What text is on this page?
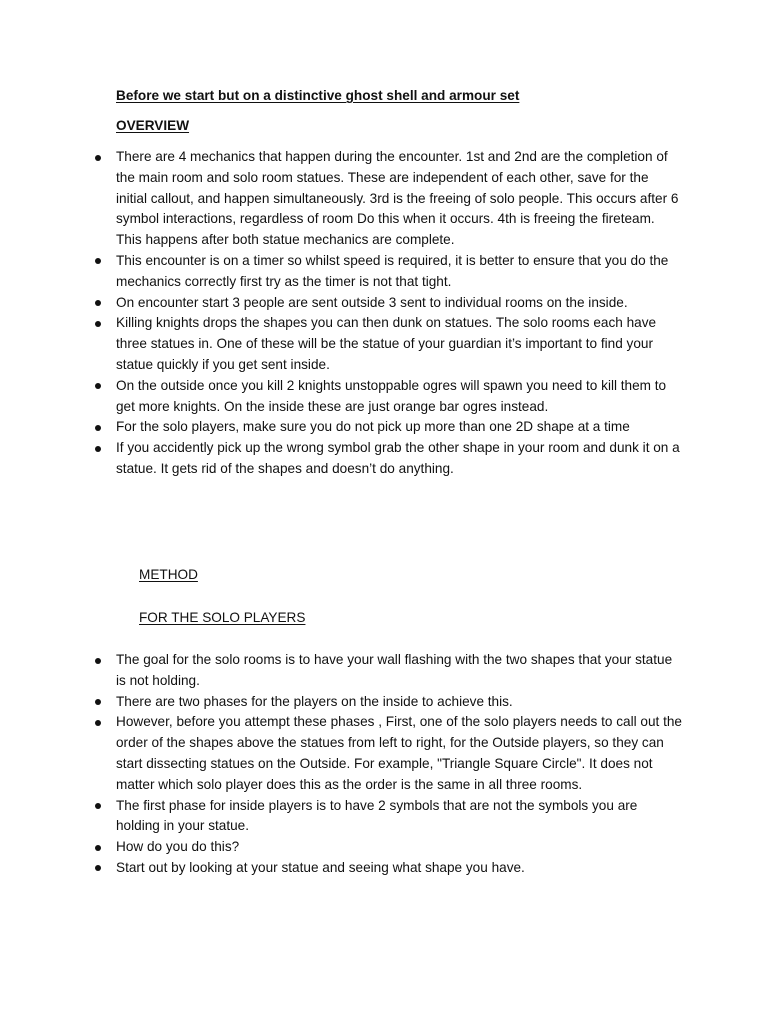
Before we start but on a distinctive ghost shell and armour set
OVERVIEW
There are 4 mechanics that happen during the encounter. 1st and 2nd are the completion of the main room and solo room statues. These are independent of each other, save for the initial callout, and happen simultaneously. 3rd is the freeing of solo people. This occurs after 6 symbol interactions, regardless of room Do this when it occurs. 4th is freeing the fireteam. This happens after both statue mechanics are complete.
This encounter is on a timer so whilst speed is required, it is better to ensure that you do the mechanics correctly first try as the timer is not that tight.
On encounter start 3 people are sent outside 3 sent to individual rooms on the inside.
Killing knights drops the shapes you can then dunk on statues. The solo rooms each have three statues in. One of these will be the statue of your guardian it’s important to find your statue quickly if you get sent inside.
On the outside once you kill 2 knights unstoppable ogres will spawn you need to kill them to get more knights. On the inside these are just orange bar ogres instead.
For the solo players, make sure you do not pick up more than one 2D shape at a time
If you accidently pick up the wrong symbol grab the other shape in your room and dunk it on a statue. It gets rid of the shapes and doesn’t do anything.
METHOD
FOR THE SOLO PLAYERS
The goal for the solo rooms is to have your wall flashing with the two shapes that your statue is not holding.
There are two phases for the players on the inside to achieve this.
However, before you attempt these phases , First, one of the solo players needs to call out the order of the shapes above the statues from left to right, for the Outside players, so they can start dissecting statues on the Outside. For example, "Triangle Square Circle". It does not matter which solo player does this as the order is the same in all three rooms.
The first phase for inside players is to have 2 symbols that are not the symbols you are holding in your statue.
How do you do this?
Start out by looking at your statue and seeing what shape you have.
